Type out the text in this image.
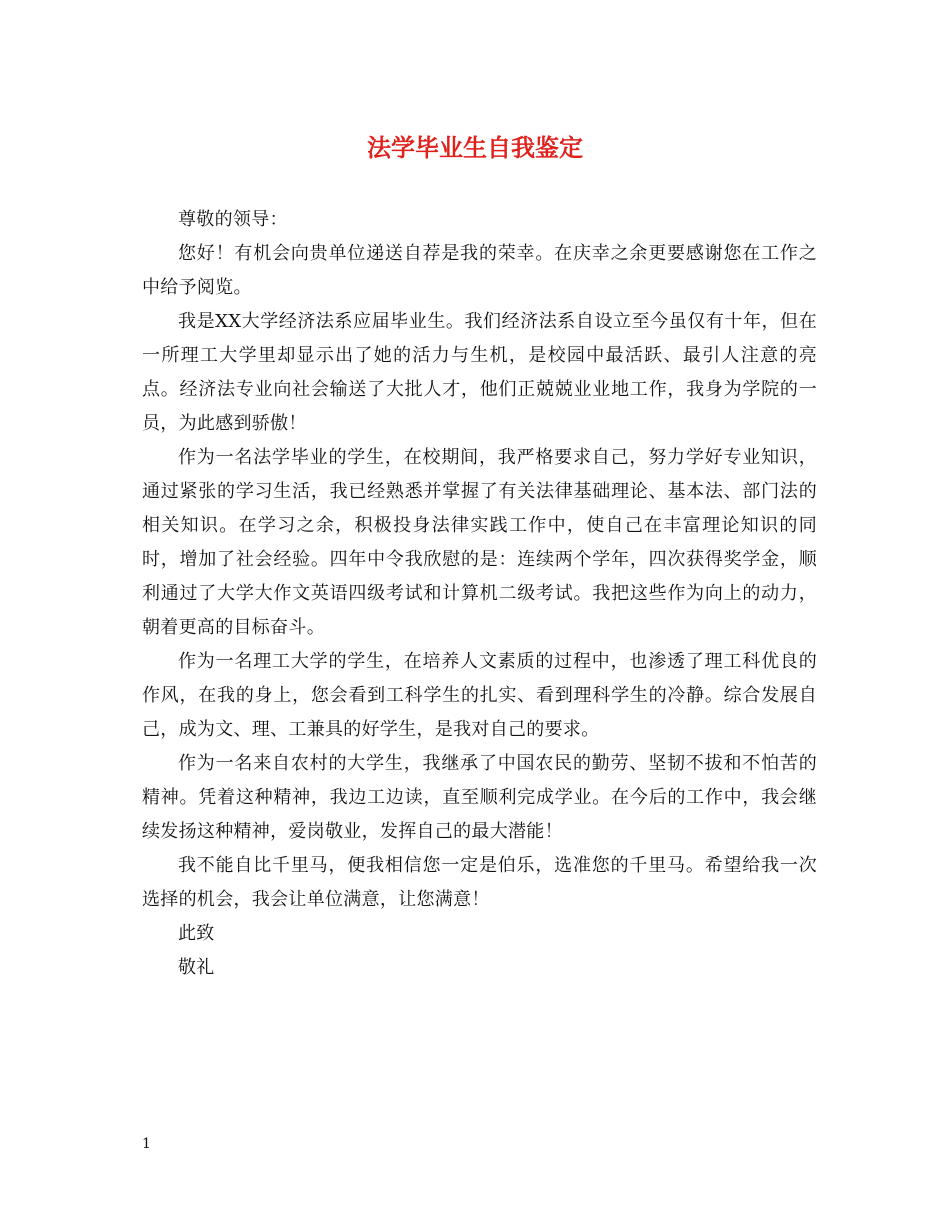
法学毕业生自我鉴定

尊敬的领导：

您好！有机会向贵单位递送自荐是我的荣幸。在庆幸之余更要感谢您在工作之中给予阅览。

我是XX大学经济法系应届毕业生。我们经济法系自设立至今虽仅有十年，但在一所理工大学里却显示出了她的活力与生机，是校园中最活跃、最引人注意的亮点。经济法专业向社会输送了大批人才，他们正兢兢业业地工作，我身为学院的一员，为此感到骄傲！

作为一名法学毕业的学生，在校期间，我严格要求自己，努力学好专业知识，通过紧张的学习生活，我已经熟悉并掌握了有关法律基础理论、基本法、部门法的相关知识。在学习之余，积极投身法律实践工作中，使自己在丰富理论知识的同时，增加了社会经验。四年中令我欣慰的是：连续两个学年，四次获得奖学金，顺利通过了大学大作文英语四级考试和计算机二级考试。我把这些作为向上的动力，朝着更高的目标奋斗。

作为一名理工大学的学生，在培养人文素质的过程中，也渗透了理工科优良的作风，在我的身上，您会看到工科学生的扎实、看到理科学生的冷静。综合发展自己，成为文、理、工兼具的好学生，是我对自己的要求。

作为一名来自农村的大学生，我继承了中国农民的勤劳、坚韧不拔和不怕苦的精神。凭着这种精神，我边工边读，直至顺利完成学业。在今后的工作中，我会继续发扬这种精神，爱岗敬业，发挥自己的最大潜能！

我不能自比千里马，便我相信您一定是伯乐，选准您的千里马。希望给我一次选择的机会，我会让单位满意，让您满意！

此致

敬礼

1
